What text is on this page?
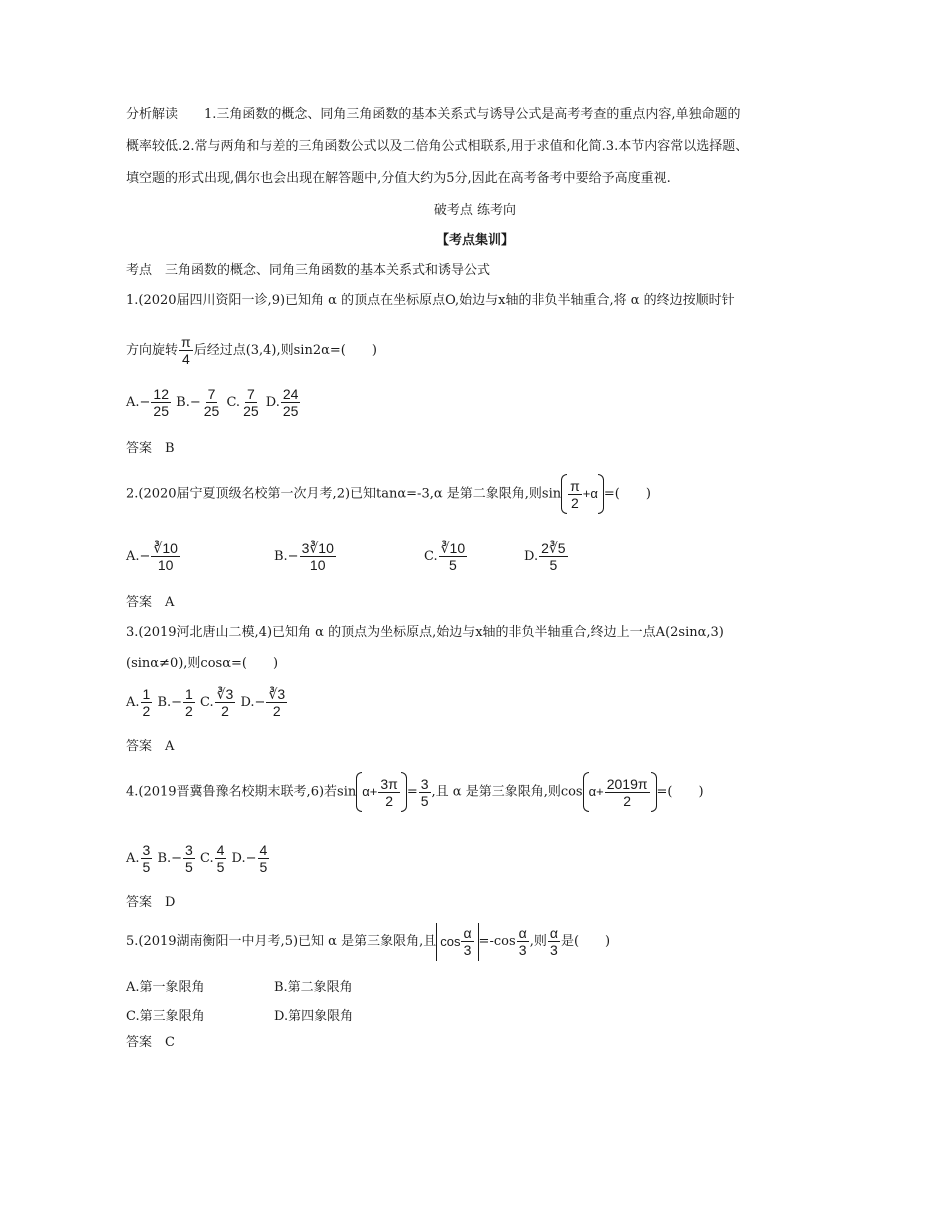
分析解读　　1.三角函数的概念、同角三角函数的基本关系式与诱导公式是高考考查的重点内容,单独命题的
概率较低.2.常与两角和与差的三角函数公式以及二倍角公式相联系,用于求值和化简.3.本节内容常以选择题、
填空题的形式出现,偶尔也会出现在解答题中,分值大约为5分,因此在高考备考中要给予高度重视.
破考点 练考向
【考点集训】
考点　三角函数的概念、同角三角函数的基本关系式和诱导公式
1.(2020届四川资阳一诊,9)已知角 α 的顶点在坐标原点O,始边与x轴的非负半轴重合,将 α 的终边按顺时针
方向旋转 $\frac{\pi}{4}$ 后经过点(3,4),则sin2α=(　　)
$A.- \frac{12}{25} B.- \frac{7}{25} C$. $\frac{7}{25} D$. $\frac{24}{25}$
答案　B
2.(2020届宁夏顶级名校第一次月考,2)已知tanα=-3,α 是第二象限角,则$\sin \frac{\pi}{2} +\alpha$ =(　　)
$A.- \frac{∛10}{10}$	$B.- \frac{3∛10}{10}$	C. $\frac{∛10}{5}$	D. $\frac{2∛5}{5}$
答案　A
3.(2019河北唐山二模,4)已知角 α 的顶点为坐标原点,始边与x轴的非负半轴重合,终边上一点A(2sinα,3)
(sinα≠0),则cosα=(　　)
A. $\frac{1}{2} B.- \frac{1}{2} C$. $\frac{∛3}{2} D.- \frac{∛3}{2}$
答案　A
4.(2019晋冀鲁豫名校期末联考,6)若$\sin \alpha+ \frac{3\pi}{2} = \frac{3}{5}$ ,且 α 是第三象限角,则$\cos \alpha+ \frac{2019\pi}{2}$ =(　　)
A. $\frac{3}{5} B.- \frac{3}{5} C$. $\frac{4}{5} D.- \frac{4}{5}$
答案　D
5.(2019湖南衡阳一中月考,5)已知 α 是第三象限角,且 $\cos \frac{\alpha}{3} =-\cos \frac{\alpha}{3}$ ,则 $\frac{\alpha}{3}$ 是(　　)
A.第一象限角	B.第二象限角
C.第三象限角	D.第四象限角
答案　C
